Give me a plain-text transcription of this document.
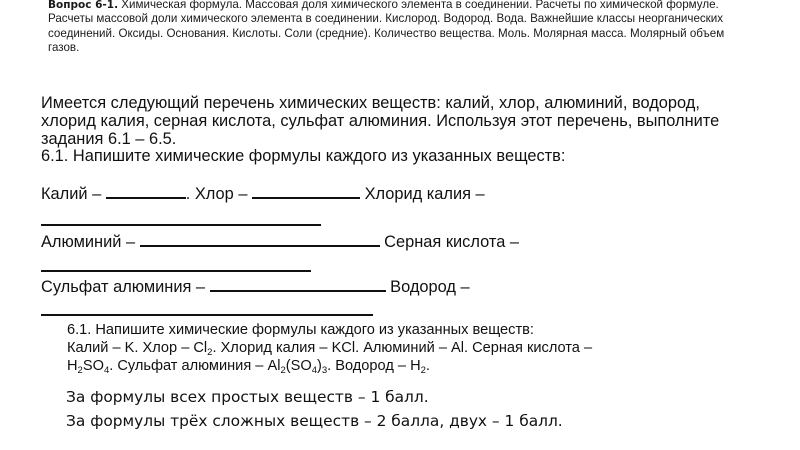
Вопрос 6-1. Химическая формула. Массовая доля химического элемента в соединении. Расчеты по химической формуле.
Расчеты массовой доли химического элемента в соединении. Кислород. Водород. Вода. Важнейшие классы неорганических
соединений. Оксиды. Основания. Кислоты. Соли (средние). Количество вещества. Моль. Молярная масса. Молярный объем
газов.
Имеется следующий перечень химических веществ: калий, хлор, алюминий, водород,
хлорид калия, серная кислота, сульфат алюминия. Используя этот перечень, выполните
задания 6.1 – 6.5.
6.1. Напишите химические формулы каждого из указанных веществ:
Калий –	. Хлор –	Хлорид калия –
Алюминий –	Серная кислота –
Сульфат алюминия –	Водород –
6.1. Напишите химические формулы каждого из указанных веществ:
Калий – K. Хлор – $Cl_2$. Хлорид калия – KCl. Алюминий – Al. Серная кислота –
$H_2SO_4$. Сульфат алюминия – $Al_2(SO_4)_3$. Водород – $H_2$.
За формулы всех простых веществ – 1 балл.
За формулы трёх сложных веществ – 2 балла, двух – 1 балл.
